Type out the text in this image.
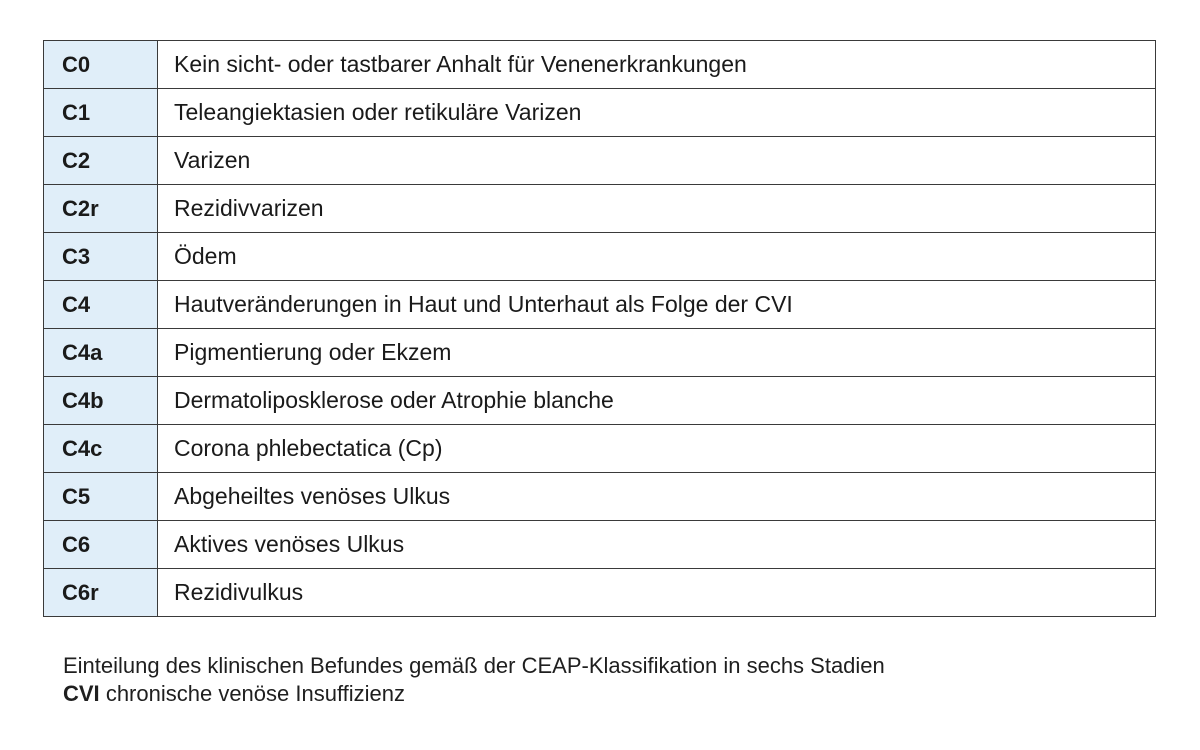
C0	Kein sicht- oder tastbarer Anhalt für Venenerkrankungen
C1	Teleangiektasien oder retikuläre Varizen
C2	Varizen
C2r	Rezidivvarizen
C3	Ödem
C4	Hautveränderungen in Haut und Unterhaut als Folge der CVI
C4a	Pigmentierung oder Ekzem
C4b	Dermatoliposklerose oder Atrophie blanche
C4c	Corona phlebectatica (Cp)
C5	Abgeheiltes venöses Ulkus
C6	Aktives venöses Ulkus
C6r	Rezidivulkus
Einteilung des klinischen Befundes gemäß der CEAP-Klassifikation in sechs Stadien
CVI chronische venöse Insuffizienz
